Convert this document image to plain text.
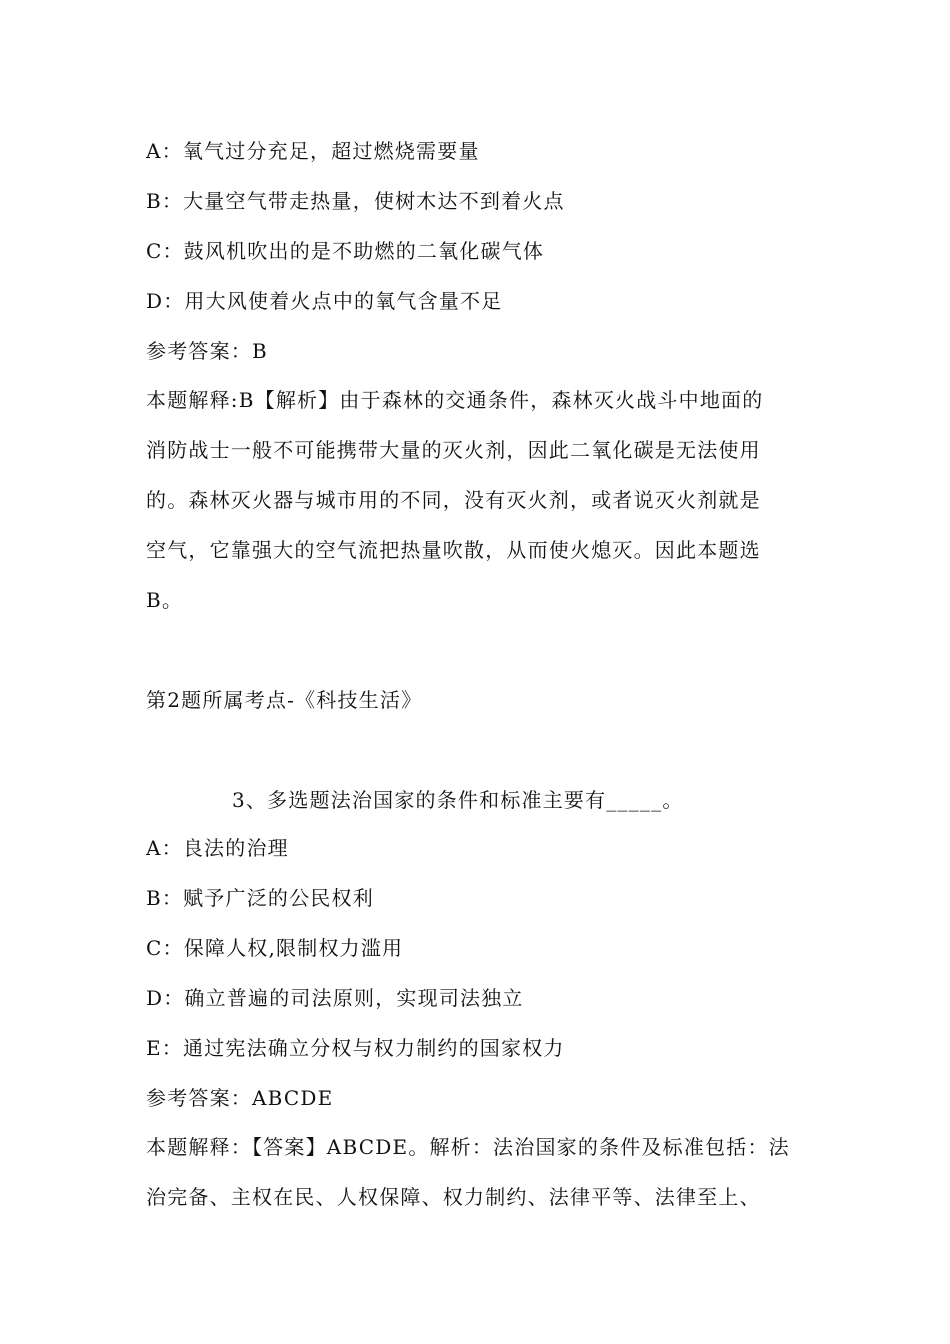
A：氧气过分充足，超过燃烧需要量
B：大量空气带走热量，使树木达不到着火点
C：鼓风机吹出的是不助燃的二氧化碳气体
D：用大风使着火点中的氧气含量不足
参考答案：B
本题解释:B【解析】由于森林的交通条件，森林灭火战斗中地面的
消防战士一般不可能携带大量的灭火剂，因此二氧化碳是无法使用
的。森林灭火器与城市用的不同，没有灭火剂，或者说灭火剂就是
空气，它靠强大的空气流把热量吹散，从而使火熄灭。因此本题选
B。
第2题所属考点-《科技生活》
3、多选题法治国家的条件和标准主要有_____。
A：良法的治理
B：赋予广泛的公民权利
C：保障人权,限制权力滥用
D：确立普遍的司法原则，实现司法独立
E：通过宪法确立分权与权力制约的国家权力
参考答案：ABCDE
本题解释：【答案】ABCDE。解析：法治国家的条件及标准包括：法
治完备、主权在民、人权保障、权力制约、法律平等、法律至上、
